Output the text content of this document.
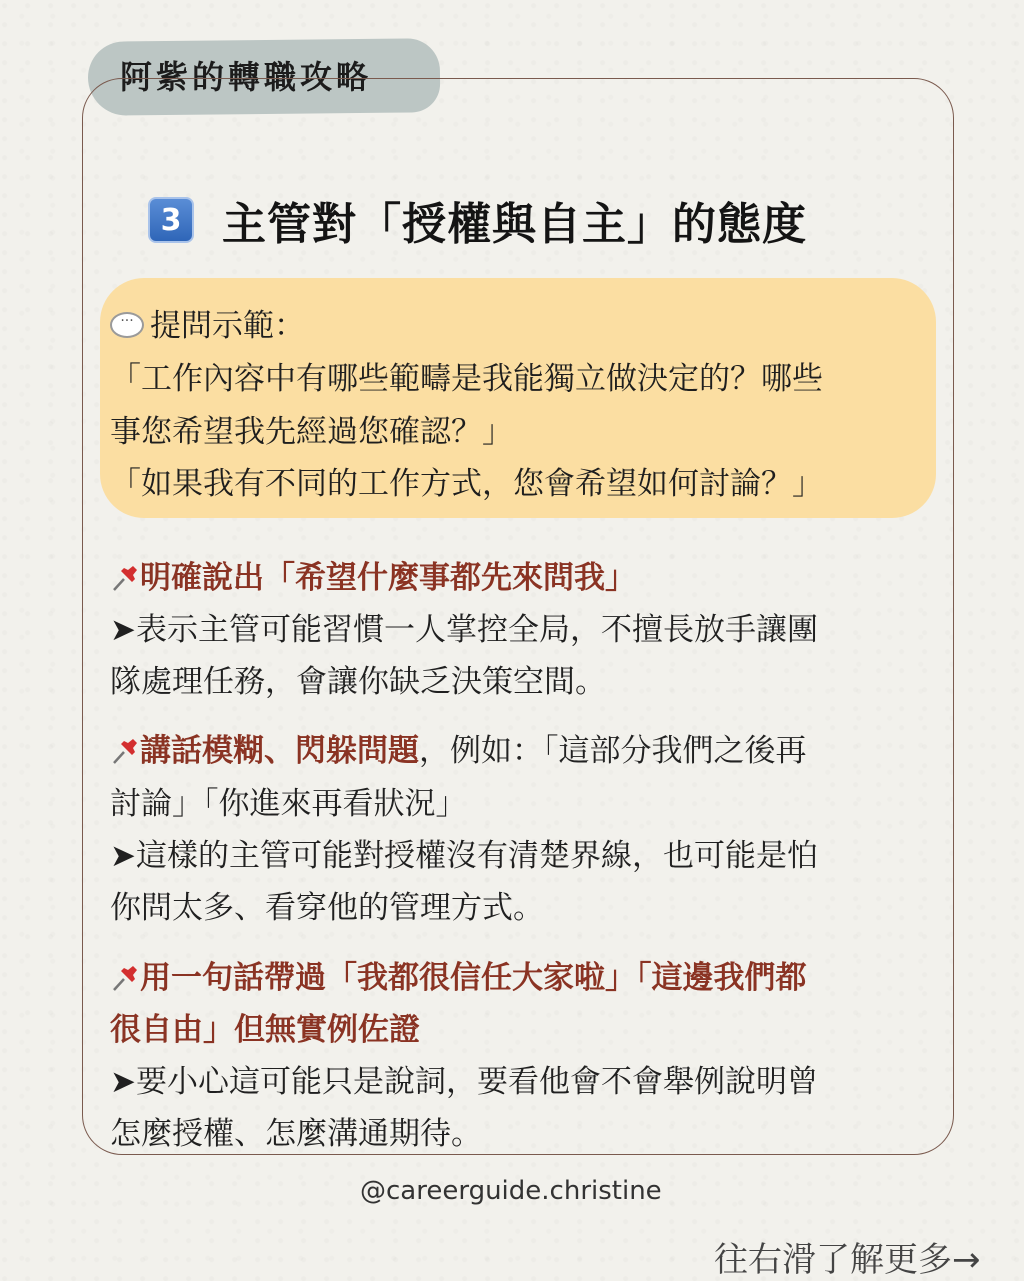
阿紫的轉職攻略
3 主管對「授權與自主」的態度
··· 提問示範：
「工作內容中有哪些範疇是我能獨立做決定的？哪些
事您希望我先經過您確認？」
「如果我有不同的工作方式，您會希望如何討論？」
明確說出「希望什麼事都先來問我」
➤表示主管可能習慣一人掌控全局，不擅長放手讓團
隊處理任務，會讓你缺乏決策空間。
講話模糊、閃躲問題，例如：「這部分我們之後再
討論」「你進來再看狀況」
➤這樣的主管可能對授權沒有清楚界線，也可能是怕
你問太多、看穿他的管理方式。
用一句話帶過「我都很信任大家啦」「這邊我們都
很自由」但無實例佐證
➤要小心這可能只是說詞，要看他會不會舉例說明曾
怎麼授權、怎麼溝通期待。
@careerguide.christine
往右滑了解更多→
